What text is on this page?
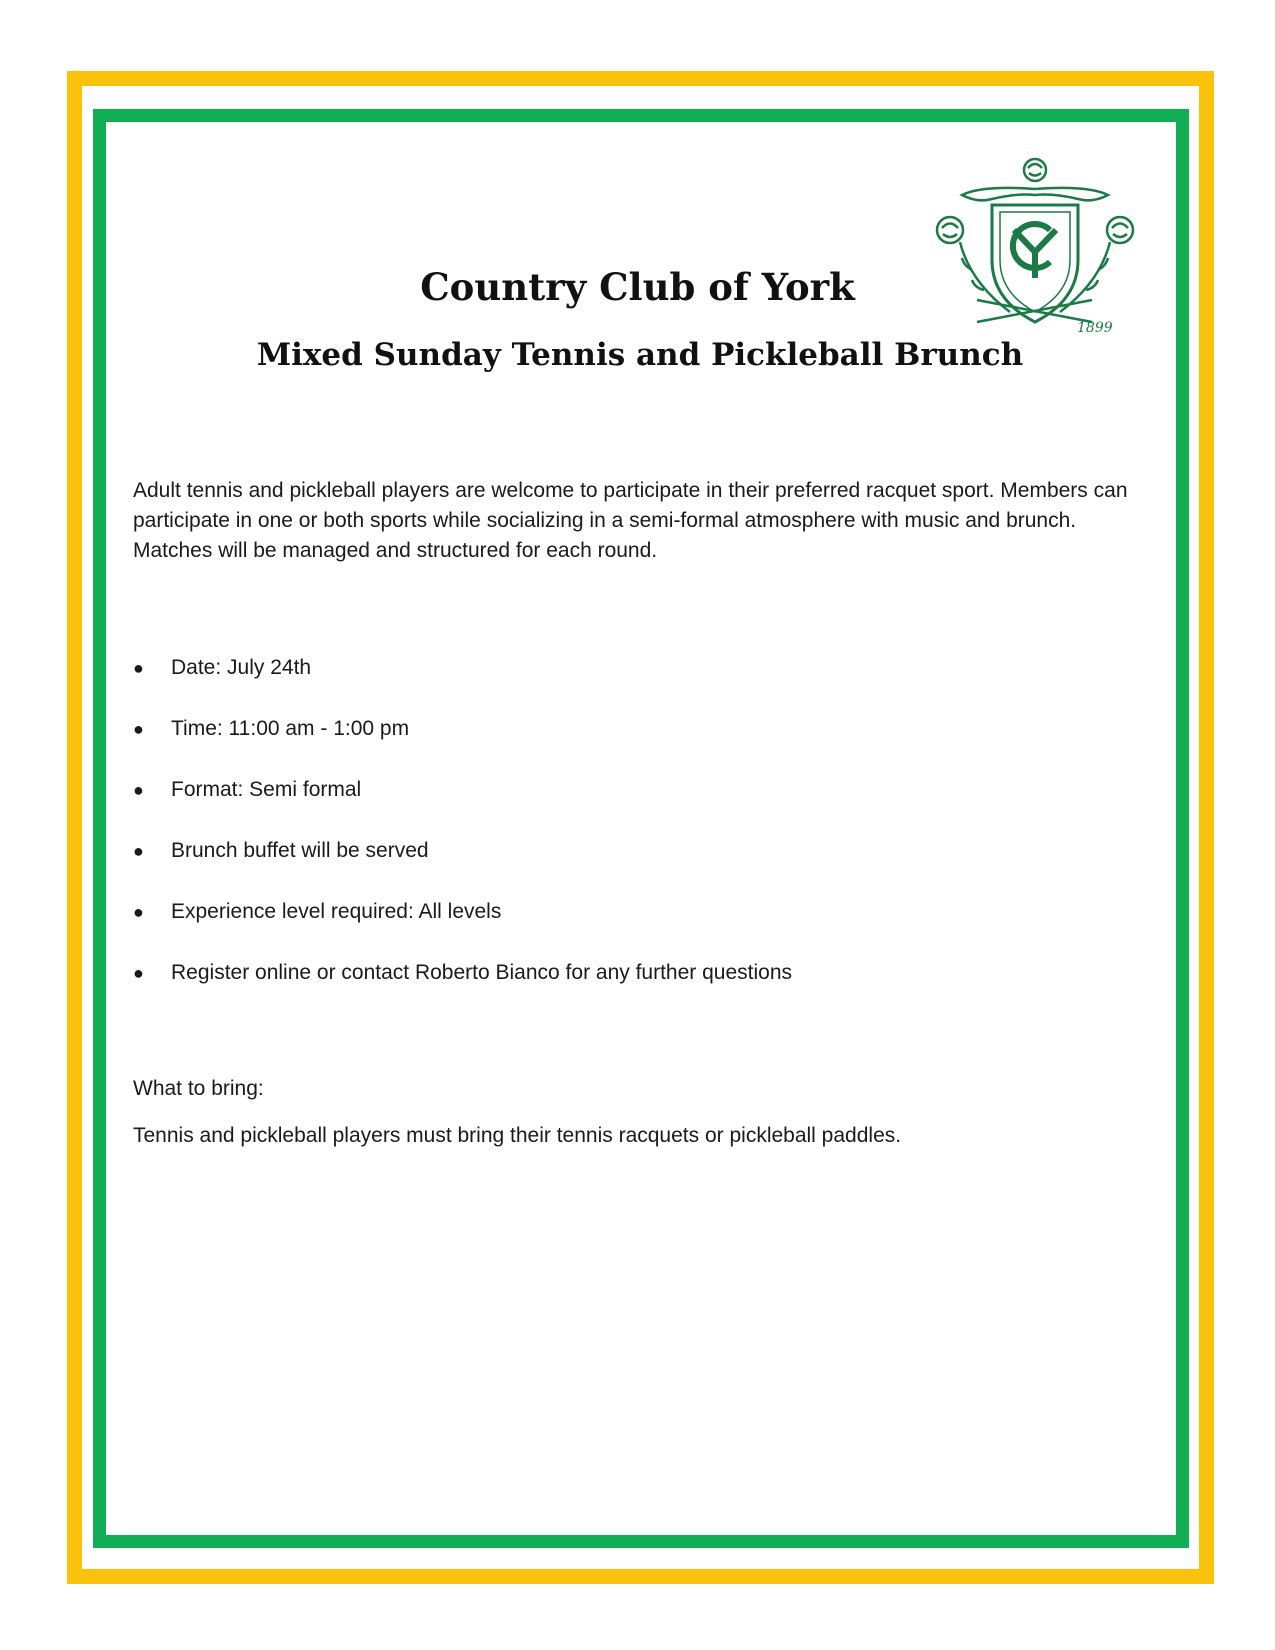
1899
Country Club of York
Mixed Sunday Tennis and Pickleball Brunch

Adult tennis and pickleball players are welcome to participate in their preferred racquet sport. Members can participate in one or both sports while socializing in a semi-formal atmosphere with music and brunch. Matches will be managed and structured for each round.

● Date: July 24th
● Time: 11:00 am - 1:00 pm
● Format: Semi formal
● Brunch buffet will be served
● Experience level required: All levels
● Register online or contact Roberto Bianco for any further questions

What to bring:

Tennis and pickleball players must bring their tennis racquets or pickleball paddles.
